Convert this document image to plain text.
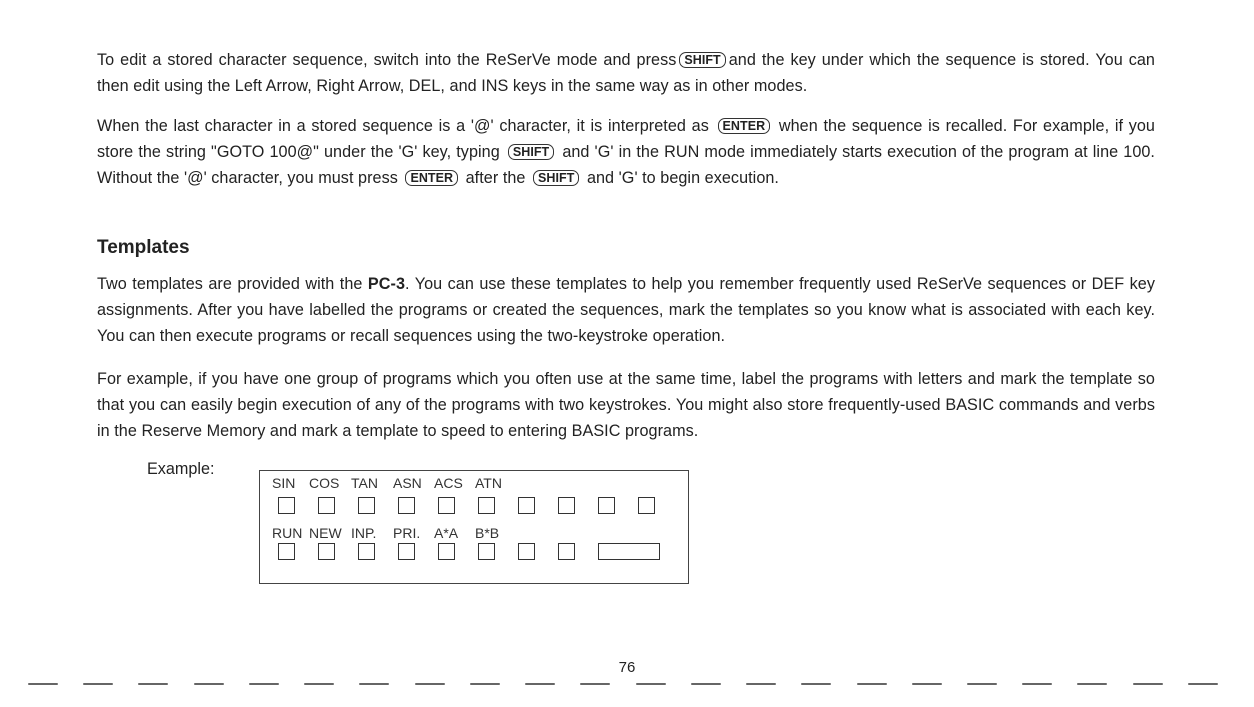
To edit a stored character sequence, switch into the ReSerVe mode and press SHIFT and the key under which the sequence is stored. You can then edit using the Left Arrow, Right Arrow, DEL, and INS keys in the same way as in other modes.
When the last character in a stored sequence is a '@' character, it is interpreted as ENTER when the sequence is recalled. For example, if you store the string "GOTO 100@" under the 'G' key, typing SHIFT and 'G' in the RUN mode immediately starts execution of the program at line 100. Without the '@' character, you must press ENTER after the SHIFT and 'G' to begin execution.
Templates
Two templates are provided with the PC-3. You can use these templates to help you remember frequently used ReSerVe sequences or DEF key assignments. After you have labelled the programs or created the sequences, mark the templates so you know what is associated with each key. You can then execute programs or recall sequences using the two-keystroke operation.
For example, if you have one group of programs which you often use at the same time, label the programs with letters and mark the template so that you can easily begin execution of any of the programs with two keystrokes. You might also store frequently-used BASIC commands and verbs in the Reserve Memory and mark a template to speed to entering BASIC programs.
Example:
SIN COS TAN	ASN ACS ATN
RUN NEW INP.	PRI. A*A	B*B
76
